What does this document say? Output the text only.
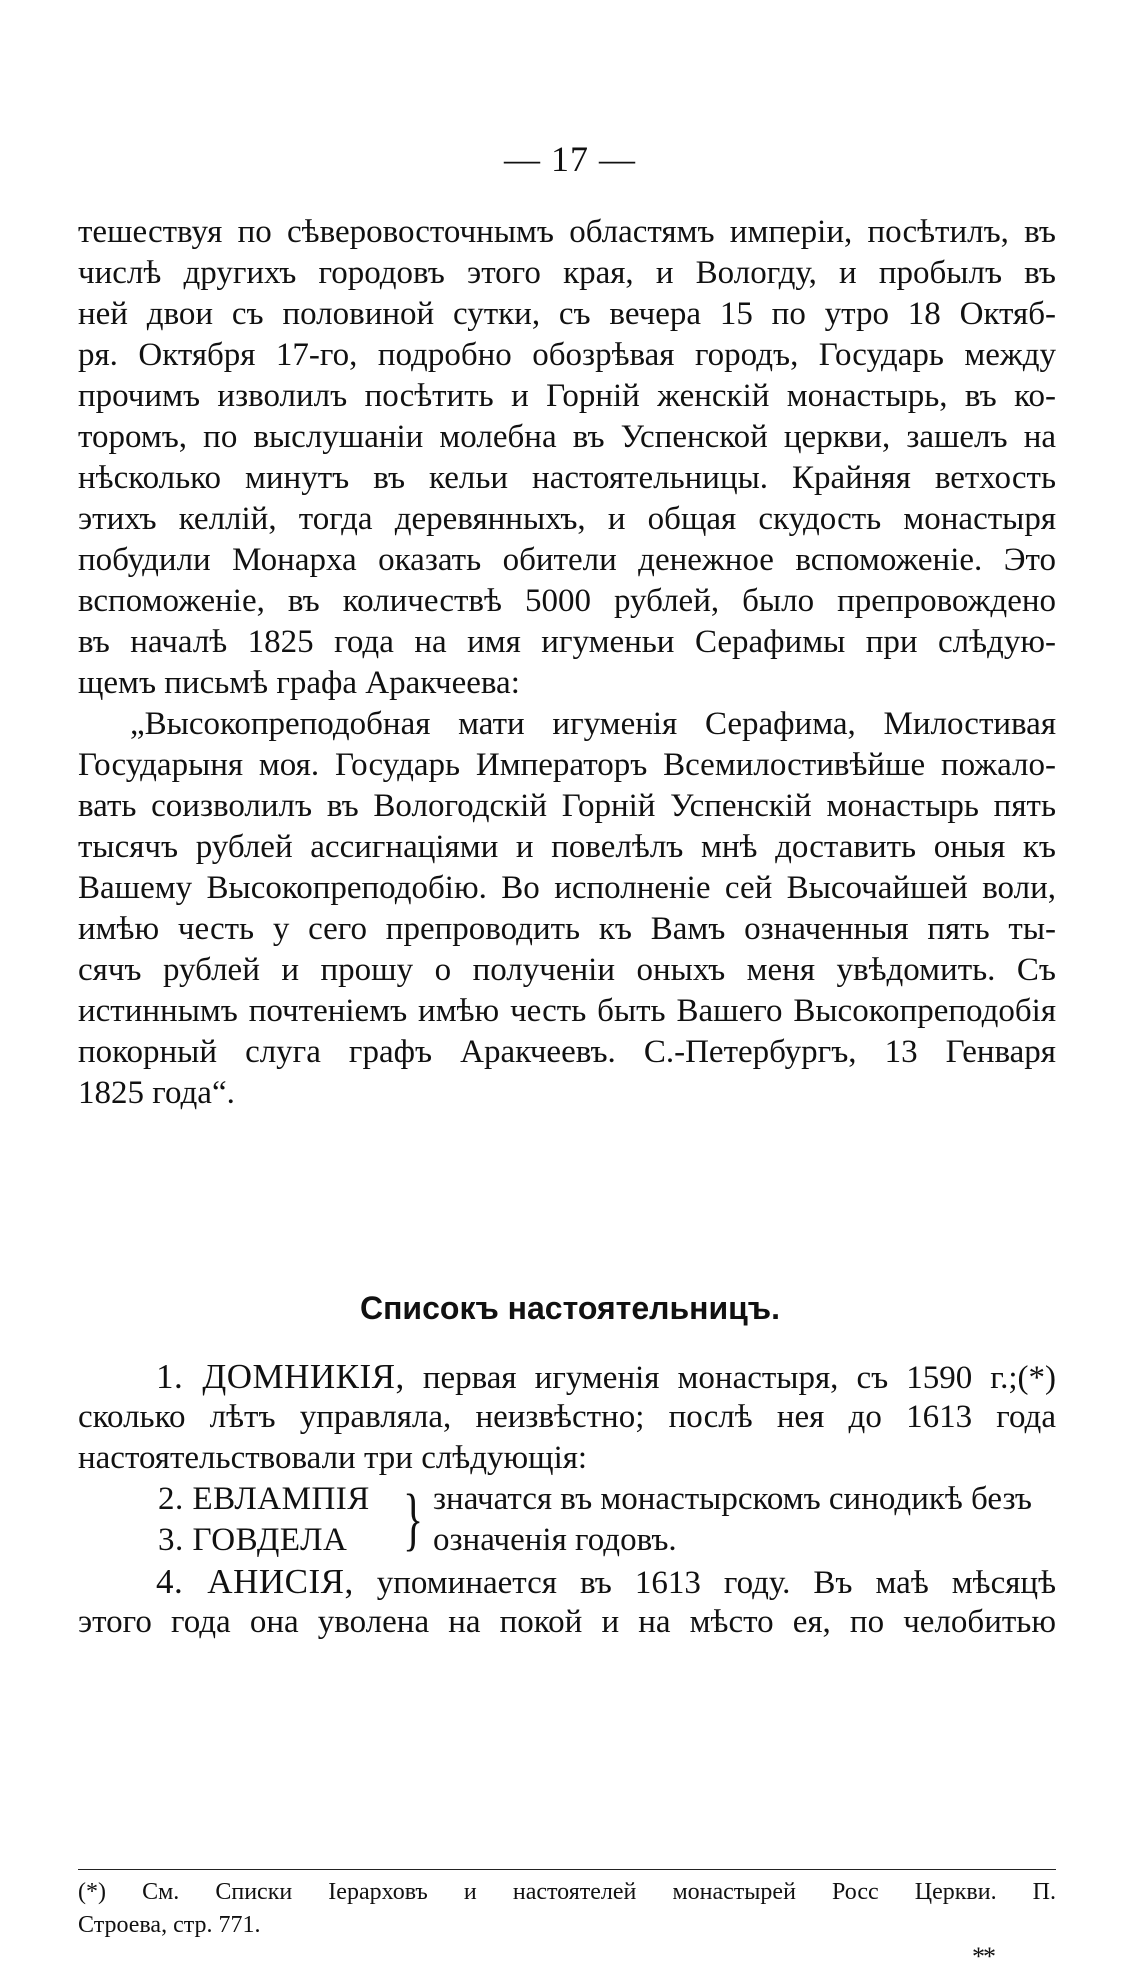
— 17 —
тешествуя по сѣверовосточнымъ областямъ имперіи, посѣтилъ, въ
числѣ другихъ городовъ этого края, и Вологду, и пробылъ въ
ней двои съ половиной сутки, съ вечера 15 по утро 18 Октяб-
ря. Октября 17-го, подробно обозрѣвая городъ, Государь между
прочимъ изволилъ посѣтить и Горній женскій монастырь, въ ко-
торомъ, по выслушаніи молебна въ Успенской церкви, зашелъ на
нѣсколько минутъ въ кельи настоятельницы. Крайняя ветхость
этихъ келлій, тогда деревянныхъ, и общая скудость монастыря
побудили Монарха оказать обители денежное вспоможеніе. Это
вспоможеніе, въ количествѣ 5000 рублей, было препровождено
въ началѣ 1825 года на имя игуменьи Серафимы при слѣдую-
щемъ письмѣ графа Аракчеева:
„Высокопреподобная мати игуменія Серафима, Милостивая
Государыня моя. Государь Императоръ Всемилостивѣйше пожало-
вать соизволилъ въ Вологодскій Горній Успенскій монастырь пять
тысячъ рублей ассигнаціями и повелѣлъ мнѣ доставить оныя къ
Вашему Высокопреподобію. Во исполненіе сей Высочайшей воли,
имѣю честь у сего препроводить къ Вамъ означенныя пять ты-
сячъ рублей и прошу о полученіи оныхъ меня увѣдомить. Съ
истиннымъ почтеніемъ имѣю честь быть Вашего Высокопреподобія
покорный слуга графъ Аракчеевъ. С.-Петербургъ, 13 Генваря
1825 года“.
Списокъ настоятельницъ.
1. ДОМНИКІЯ, первая игуменія монастыря, съ 1590 г.;(*)
сколько лѣтъ управляла, неизвѣстно; послѣ нея до 1613 года
настоятельствовали три слѣдующія:
2. ЕВЛАМПІЯ
3. ГОВДЕЛА } значатся въ монастырскомъ синодикѣ безъ
означенія годовъ.
4. АНИСІЯ, упоминается въ 1613 году. Въ маѣ мѣсяцѣ
этого года она уволена на покой и на мѣсто ея, по челобитью
(*) См. Списки Іерарховъ и настоятелей монастырей Росс Церкви. П.
Строева, стр. 771.
**
